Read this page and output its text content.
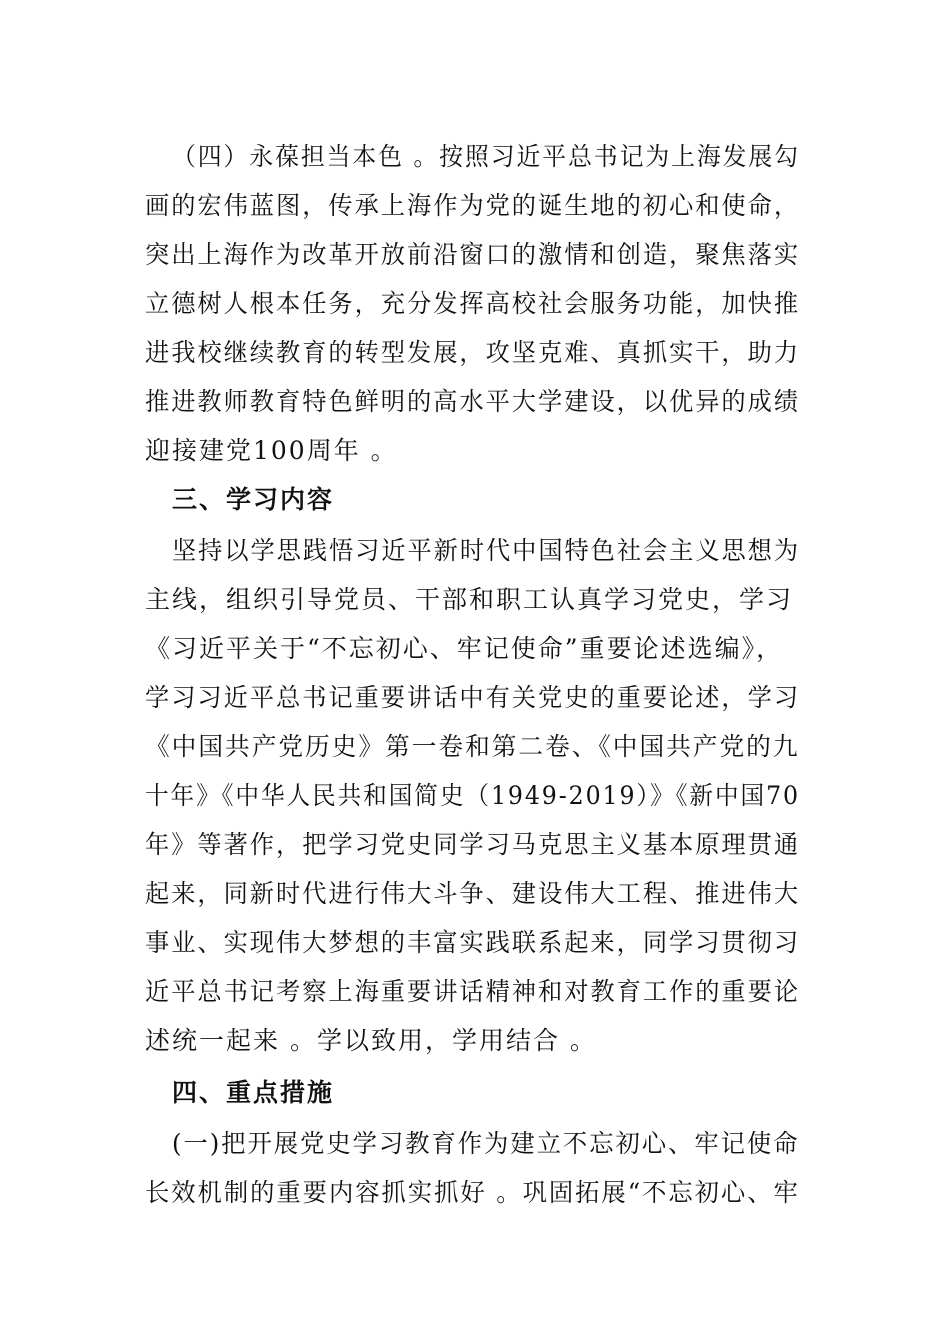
（四）永葆担当本色 。按照习近平总书记为上海发展勾
画的宏伟蓝图，传承上海作为党的诞生地的初心和使命，
突出上海作为改革开放前沿窗口的激情和创造，聚焦落实
立德树人根本任务，充分发挥高校社会服务功能，加快推
进我校继续教育的转型发展，攻坚克难、真抓实干，助力
推进教师教育特色鲜明的高水平大学建设，以优异的成绩
迎接建党100周年 。
三、学习内容
坚持以学思践悟习近平新时代中国特色社会主义思想为
主线，组织引导党员、干部和职工认真学习党史，学习
《习近平关于“不忘初心、牢记使命”重要论述选编》，
学习习近平总书记重要讲话中有关党史的重要论述，学习
《中国共产党历史》第一卷和第二卷、《中国共产党的九
十年》《中华人民共和国简史（1949-2019）》《新中国70
年》等著作，把学习党史同学习马克思主义基本原理贯通
起来，同新时代进行伟大斗争、建设伟大工程、推进伟大
事业、实现伟大梦想的丰富实践联系起来，同学习贯彻习
近平总书记考察上海重要讲话精神和对教育工作的重要论
述统一起来 。学以致用，学用结合 。
四、重点措施
(一)把开展党史学习教育作为建立不忘初心、牢记使命
长效机制的重要内容抓实抓好 。巩固拓展“不忘初心、牢
